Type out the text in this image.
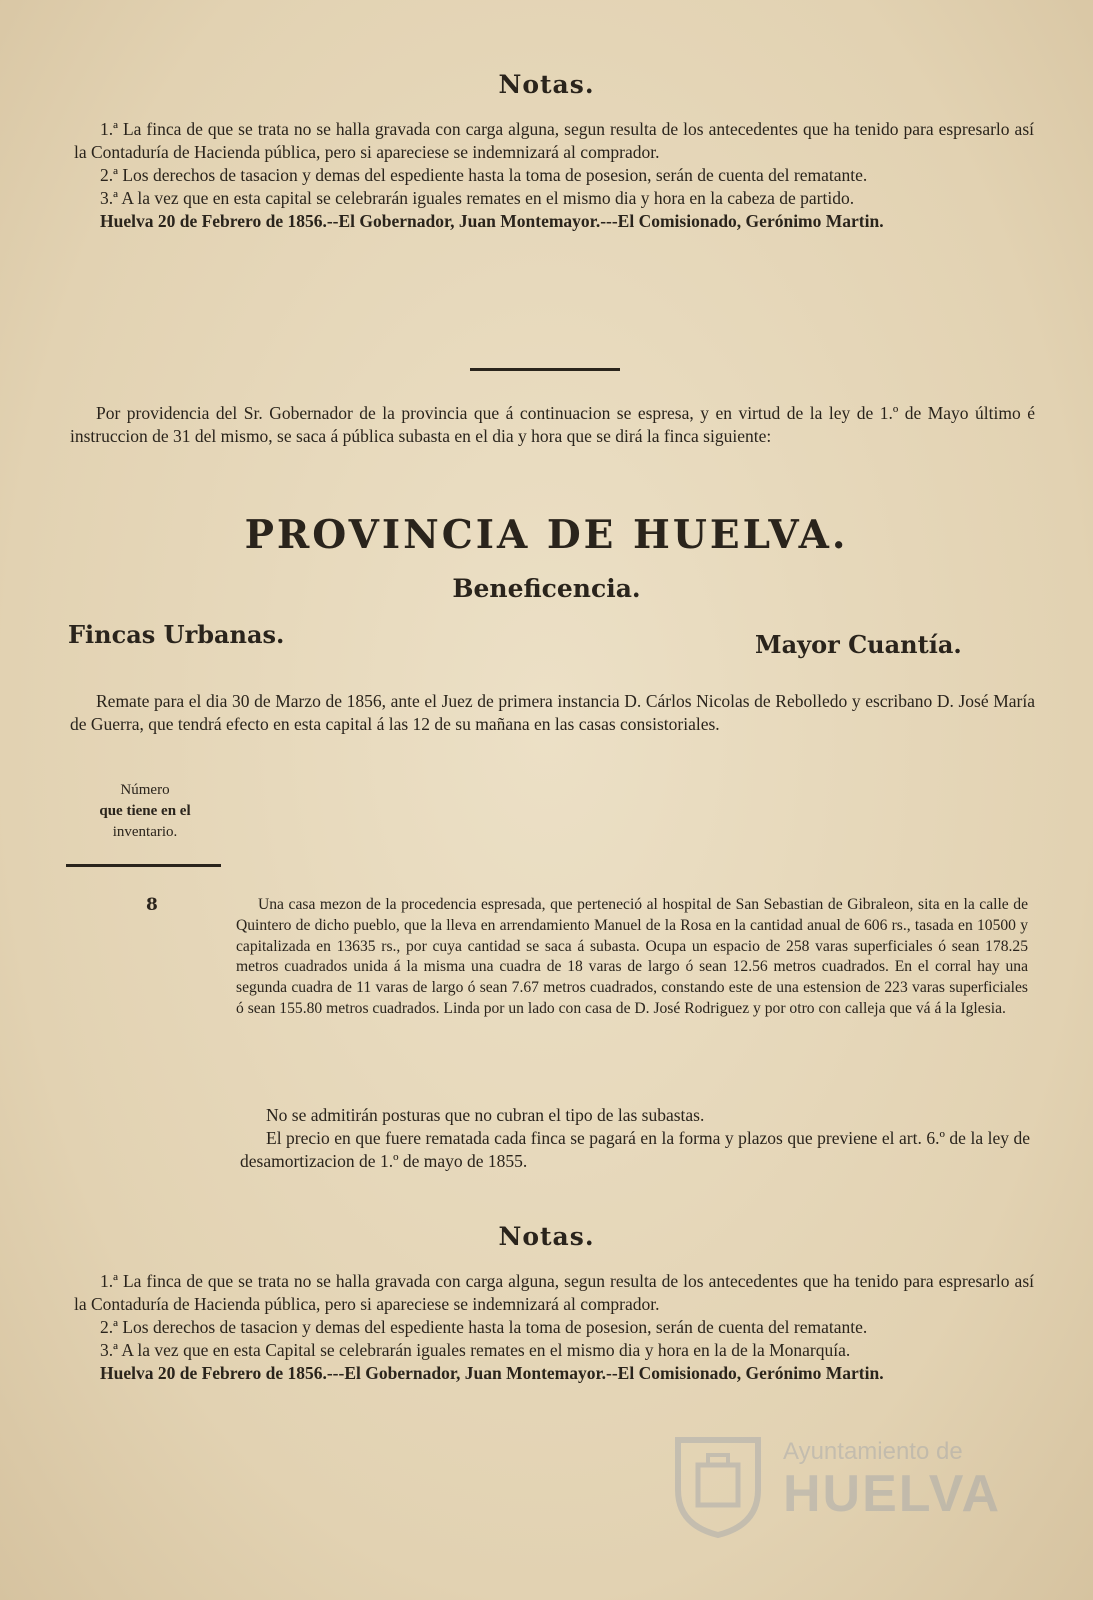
Notas.

1.ª La finca de que se trata no se halla gravada con carga alguna, segun resulta de los antecedentes que ha tenido para espresarlo así la Contaduría de Hacienda pública, pero si apareciese se indemnizará al comprador.

2.ª Los derechos de tasacion y demas del espediente hasta la toma de posesion, serán de cuenta del rematante.

3.ª A la vez que en esta capital se celebrarán iguales remates en el mismo dia y hora en la cabeza de partido.

Huelva 20 de Febrero de 1856.--El Gobernador, Juan Montemayor.---El Comisionado, Gerónimo Martin.

Por providencia del Sr. Gobernador de la provincia que á continuacion se espresa, y en virtud de la ley de 1.º de Mayo último é instruccion de 31 del mismo, se saca á pública subasta en el dia y hora que se dirá la finca siguiente:

PROVINCIA DE HUELVA.
Beneficencia.
Fincas Urbanas.	Mayor Cuantía.

Remate para el dia 30 de Marzo de 1856, ante el Juez de primera instancia D. Cárlos Nicolas de Rebolledo y escribano D. José María de Guerra, que tendrá efecto en esta capital á las 12 de su mañana en las casas consistoriales.

Número
que tiene en el
inventario.
8	Una casa mezon de la procedencia espresada, que perteneció al hospital de San Sebastian de Gibraleon, sita en la calle de Quintero de dicho pueblo, que la lleva en arrendamiento Manuel de la Rosa en la cantidad anual de 606 rs., tasada en 10500 y capitalizada en 13635 rs., por cuya cantidad se saca á subasta. Ocupa un espacio de 258 varas superficiales ó sean 178.25 metros cuadrados unida á la misma una cuadra de 18 varas de largo ó sean 12.56 metros cuadrados. En el corral hay una segunda cuadra de 11 varas de largo ó sean 7.67 metros cuadrados, constando este de una estension de 223 varas superficiales ó sean 155.80 metros cuadrados. Linda por un lado con casa de D. José Rodriguez y por otro con calleja que vá á la Iglesia.

No se admitirán posturas que no cubran el tipo de las subastas.

El precio en que fuere rematada cada finca se pagará en la forma y plazos que previene el art. 6.º de la ley de desamortizacion de 1.º de mayo de 1855.

Notas.

1.ª La finca de que se trata no se halla gravada con carga alguna, segun resulta de los antecedentes que ha tenido para espresarlo así la Contaduría de Hacienda pública, pero si apareciese se indemnizará al comprador.

2.ª Los derechos de tasacion y demas del espediente hasta la toma de posesion, serán de cuenta del rematante.

3.ª A la vez que en esta Capital se celebrarán iguales remates en el mismo dia y hora en la de la Monarquía.

Huelva 20 de Febrero de 1856.---El Gobernador, Juan Montemayor.--El Comisionado, Gerónimo Martin.

Ayuntamiento de
HUELVA
